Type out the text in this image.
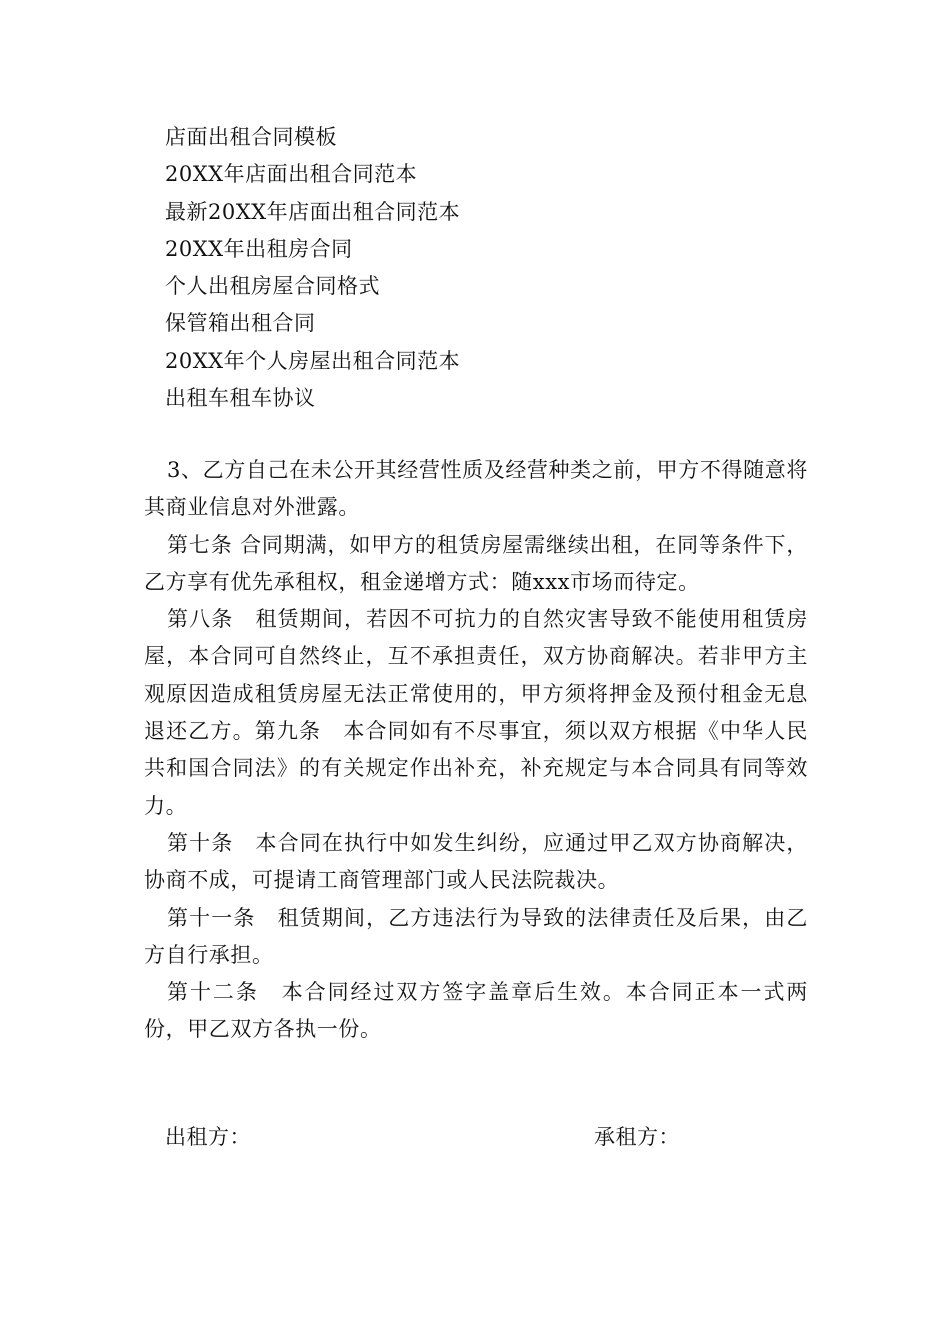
店面出租合同模板
20XX年店面出租合同范本
最新20XX年店面出租合同范本
20XX年出租房合同
个人出租房屋合同格式
保管箱出租合同
20XX年个人房屋出租合同范本
出租车租车协议

3、乙方自己在未公开其经营性质及经营种类之前，甲方不得随意将其商业信息对外泄露。

第七条 合同期满，如甲方的租赁房屋需继续出租，在同等条件下，乙方享有优先承租权，租金递增方式：随xxx市场而待定。

第八条　租赁期间，若因不可抗力的自然灾害导致不能使用租赁房屋，本合同可自然终止，互不承担责任，双方协商解决。若非甲方主观原因造成租赁房屋无法正常使用的，甲方须将押金及预付租金无息退还乙方。第九条　本合同如有不尽事宜，须以双方根据《中华人民共和国合同法》的有关规定作出补充，补充规定与本合同具有同等效力。

第十条　本合同在执行中如发生纠纷，应通过甲乙双方协商解决，协商不成，可提请工商管理部门或人民法院裁决。

第十一条　租赁期间，乙方违法行为导致的法律责任及后果，由乙方自行承担。

第十二条　本合同经过双方签字盖章后生效。本合同正本一式两份，甲乙双方各执一份。

出租方：	承租方：
